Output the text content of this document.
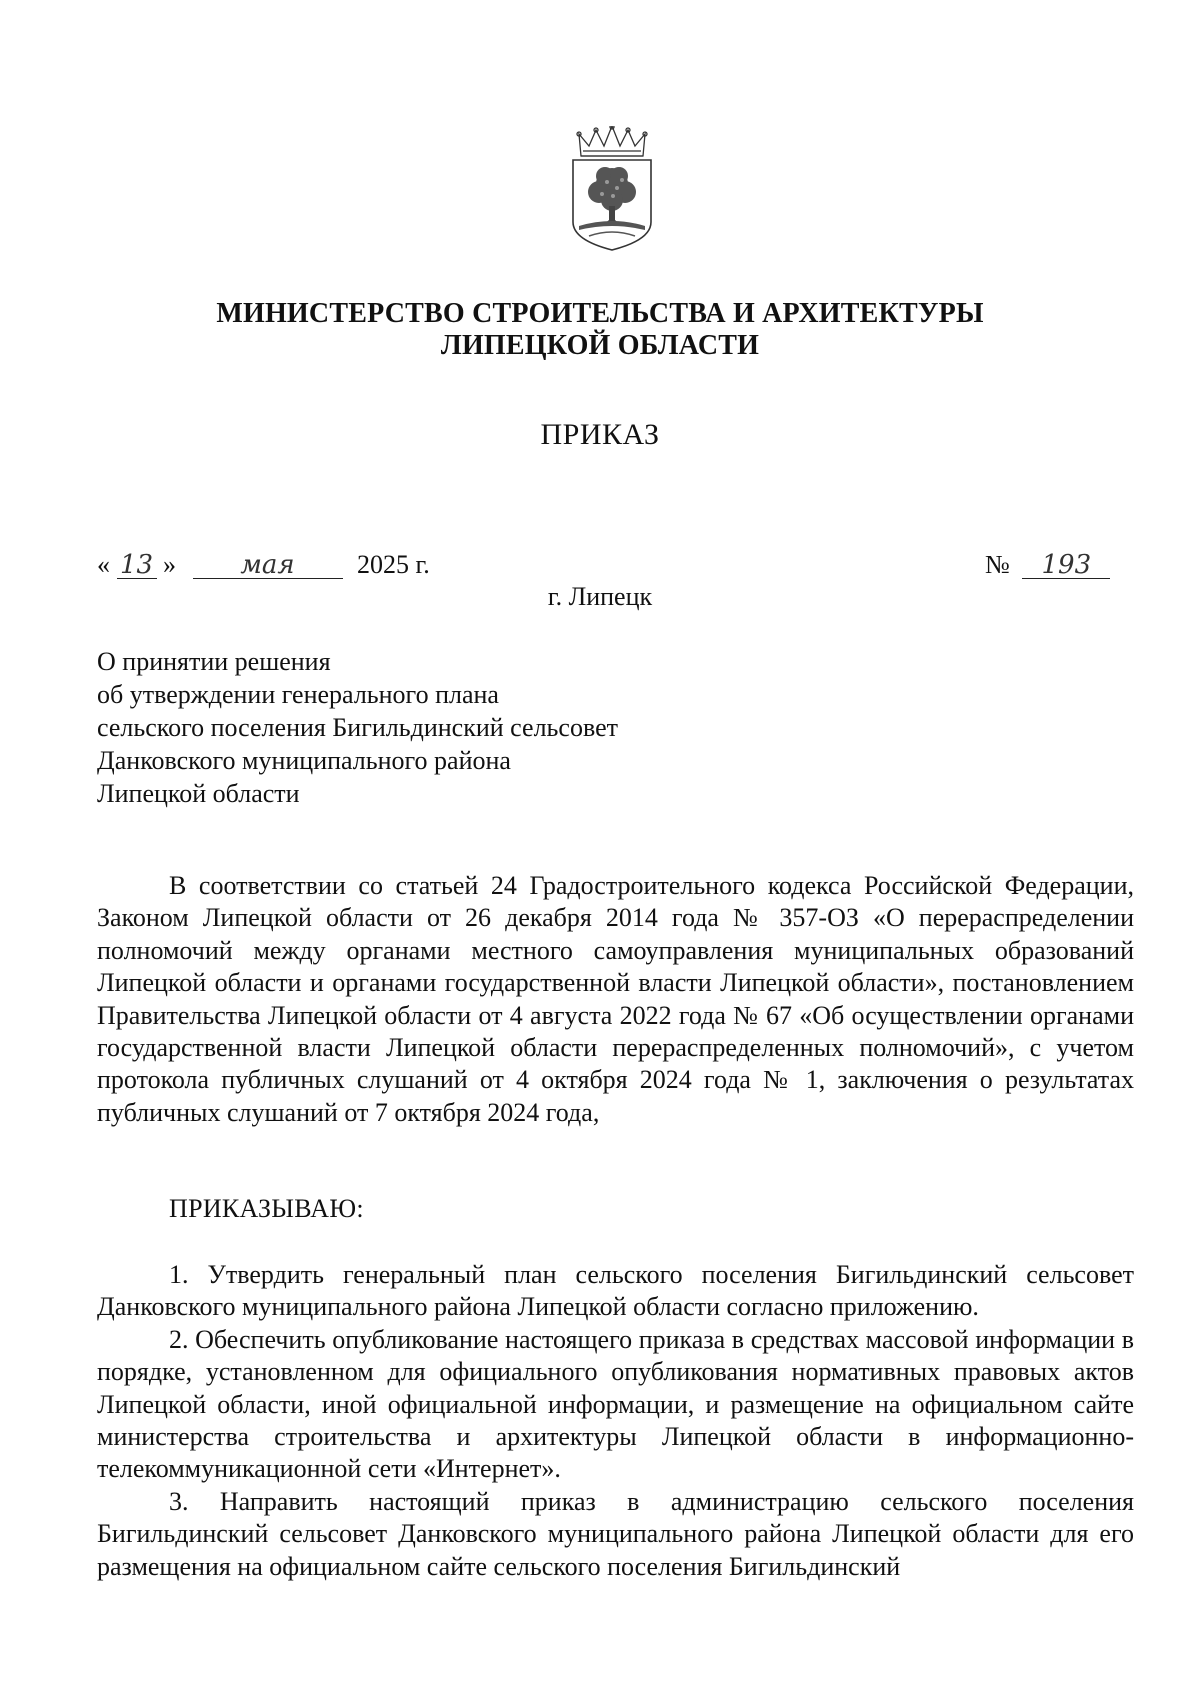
МИНИСТЕРСТВО СТРОИТЕЛЬСТВА И АРХИТЕКТУРЫ
ЛИПЕЦКОЙ ОБЛАСТИ
ПРИКАЗ
« 13 » мая 2025 г.	№ 193
г. Липецк
О принятии решения
об утверждении генерального плана
сельского поселения Бигильдинский сельсовет
Данковского муниципального района
Липецкой области

В соответствии со статьей 24 Градостроительного кодекса Российской Федерации, Законом Липецкой области от 26 декабря 2014 года № 357-ОЗ «О перераспределении полномочий между органами местного самоуправления муниципальных образований Липецкой области и органами государственной власти Липецкой области», постановлением Правительства Липецкой области от 4 августа 2022 года № 67 «Об осуществлении органами государственной власти Липецкой области перераспределенных полномочий», с учетом протокола публичных слушаний от 4 октября 2024 года № 1, заключения о результатах публичных слушаний от 7 октября 2024 года,

ПРИКАЗЫВАЮ:

1. Утвердить генеральный план сельского поселения Бигильдинский сельсовет Данковского муниципального района Липецкой области согласно приложению.

2. Обеспечить опубликование настоящего приказа в средствах массовой информации в порядке, установленном для официального опубликования нормативных правовых актов Липецкой области, иной официальной информации, и размещение на официальном сайте министерства строительства и архитектуры Липецкой области в информационно-телекоммуникационной сети «Интернет».

3. Направить настоящий приказ в администрацию сельского поселения Бигильдинский сельсовет Данковского муниципального района Липецкой области для его размещения на официальном сайте сельского поселения Бигильдинский
